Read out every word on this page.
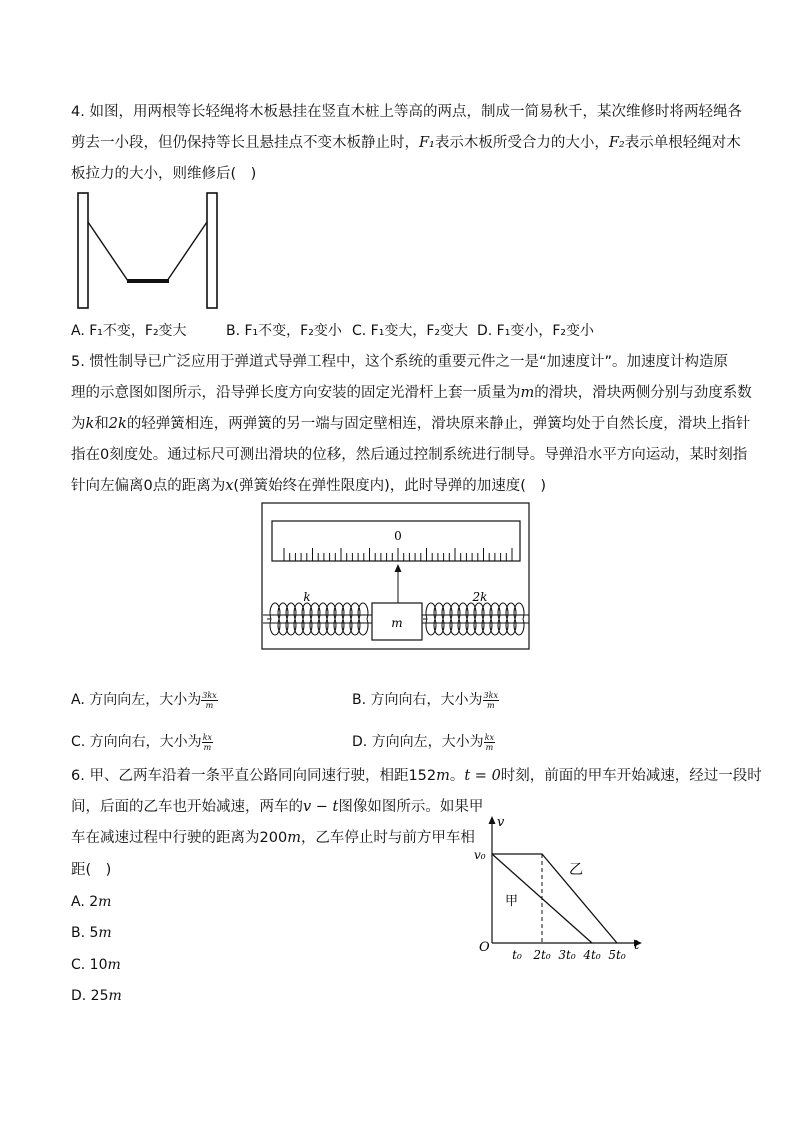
4. 如图，用两根等长轻绳将木板悬挂在竖直木桩上等高的两点，制成一简易秋千，某次维修时将两轻绳各
剪去一小段，但仍保持等长且悬挂点不变木板静止时，F₁表示木板所受合力的大小，F₂表示单根轻绳对木
板拉力的大小，则维修后(　)
A. F₁不变，F₂变大	B. F₁不变，F₂变小 C. F₁变大，F₂变大 D. F₁变小，F₂变小
5. 惯性制导已广泛应用于弹道式导弹工程中，这个系统的重要元件之一是“加速度计”。加速度计构造原
理的示意图如图所示，沿导弹长度方向安装的固定光滑杆上套一质量为m的滑块，滑块两侧分别与劲度系数
为k和2k的轻弹簧相连，两弹簧的另一端与固定壁相连，滑块原来静止，弹簧均处于自然长度，滑块上指针
指在0刻度处。通过标尺可测出滑块的位移，然后通过控制系统进行制导。导弹沿水平方向运动，某时刻指
针向左偏离0点的距离为x(弹簧始终在弹性限度内)，此时导弹的加速度(　)
0
m
k	2k
A. 方向向左，大小为 $\frac{3kx}{m}$	B. 方向向右，大小为 $\frac{3kx}{m}$
C. 方向向右，大小为 $\frac{kx}{m}$	D. 方向向左，大小为 $\frac{kx}{m}$
6. 甲、乙两车沿着一条平直公路同向同速行驶，相距152m。t = 0时刻，前面的甲车开始减速，经过一段时
间，后面的乙车也开始减速，两车的v − t图像如图所示。如果甲
车在减速过程中行驶的距离为200m，乙车停止时与前方甲车相
距(　)
A. 2m
B. 5m
C. 10m
D. 25m
v
t
O
v₀
t₀ 2t₀ 3t₀ 4t₀ 5t₀
甲
乙
